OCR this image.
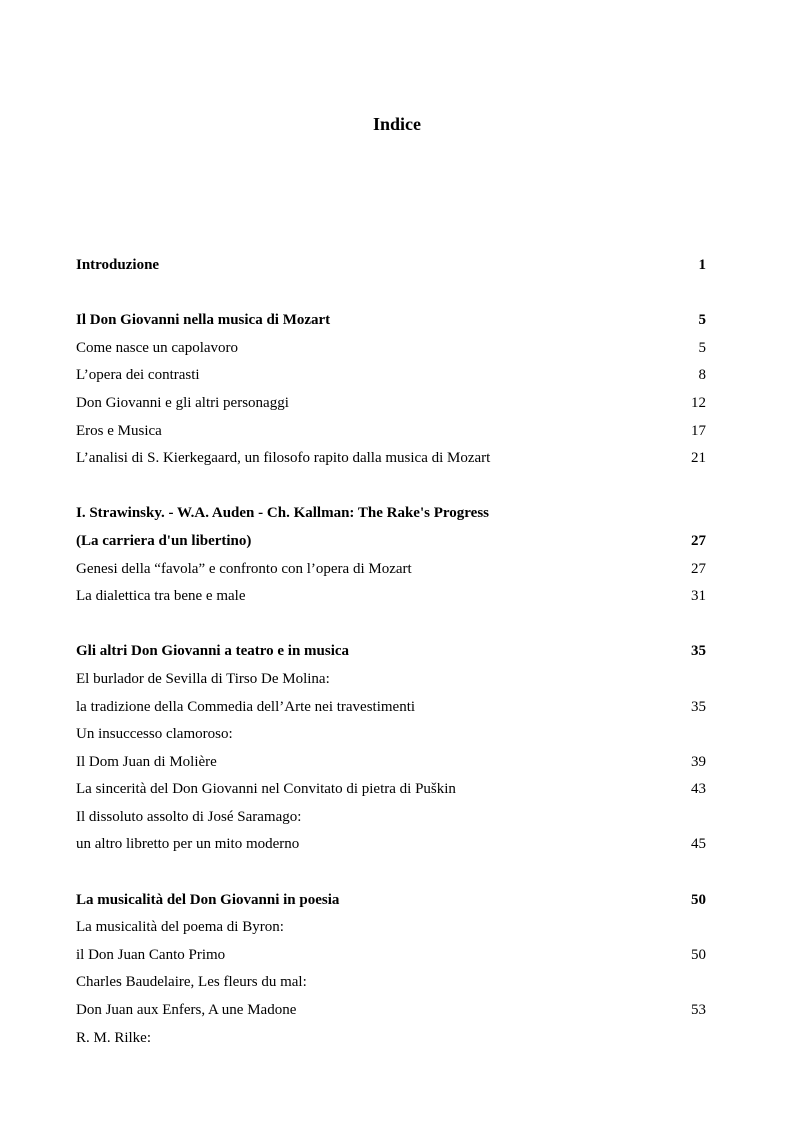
Indice
Introduzione	1
Il Don Giovanni nella musica di Mozart	5
Come nasce un capolavoro	5
L’opera dei contrasti	8
Don Giovanni e gli altri personaggi	12
Eros e Musica	17
L’analisi di S. Kierkegaard, un filosofo rapito dalla musica di Mozart	21
I. Strawinsky. - W.A. Auden - Ch. Kallman: The Rake's Progress
(La carriera d'un libertino)	27
Genesi della “favola” e confronto con l’opera di Mozart	27
La dialettica tra bene e male	31
Gli altri Don Giovanni a teatro e in musica	35
El burlador de Sevilla di Tirso De Molina:
la tradizione della Commedia dell’Arte nei travestimenti	35
Un insuccesso clamoroso:
Il Dom Juan di Molière	39
La sincerità del Don Giovanni nel Convitato di pietra di Puškin	43
Il dissoluto assolto di José Saramago:
un altro libretto per un mito moderno	45
La musicalità del Don Giovanni in poesia	50
La musicalità del poema di Byron:
il Don Juan Canto Primo	50
Charles Baudelaire, Les fleurs du mal:
Don Juan aux Enfers, A une Madone	53
R. M. Rilke:
